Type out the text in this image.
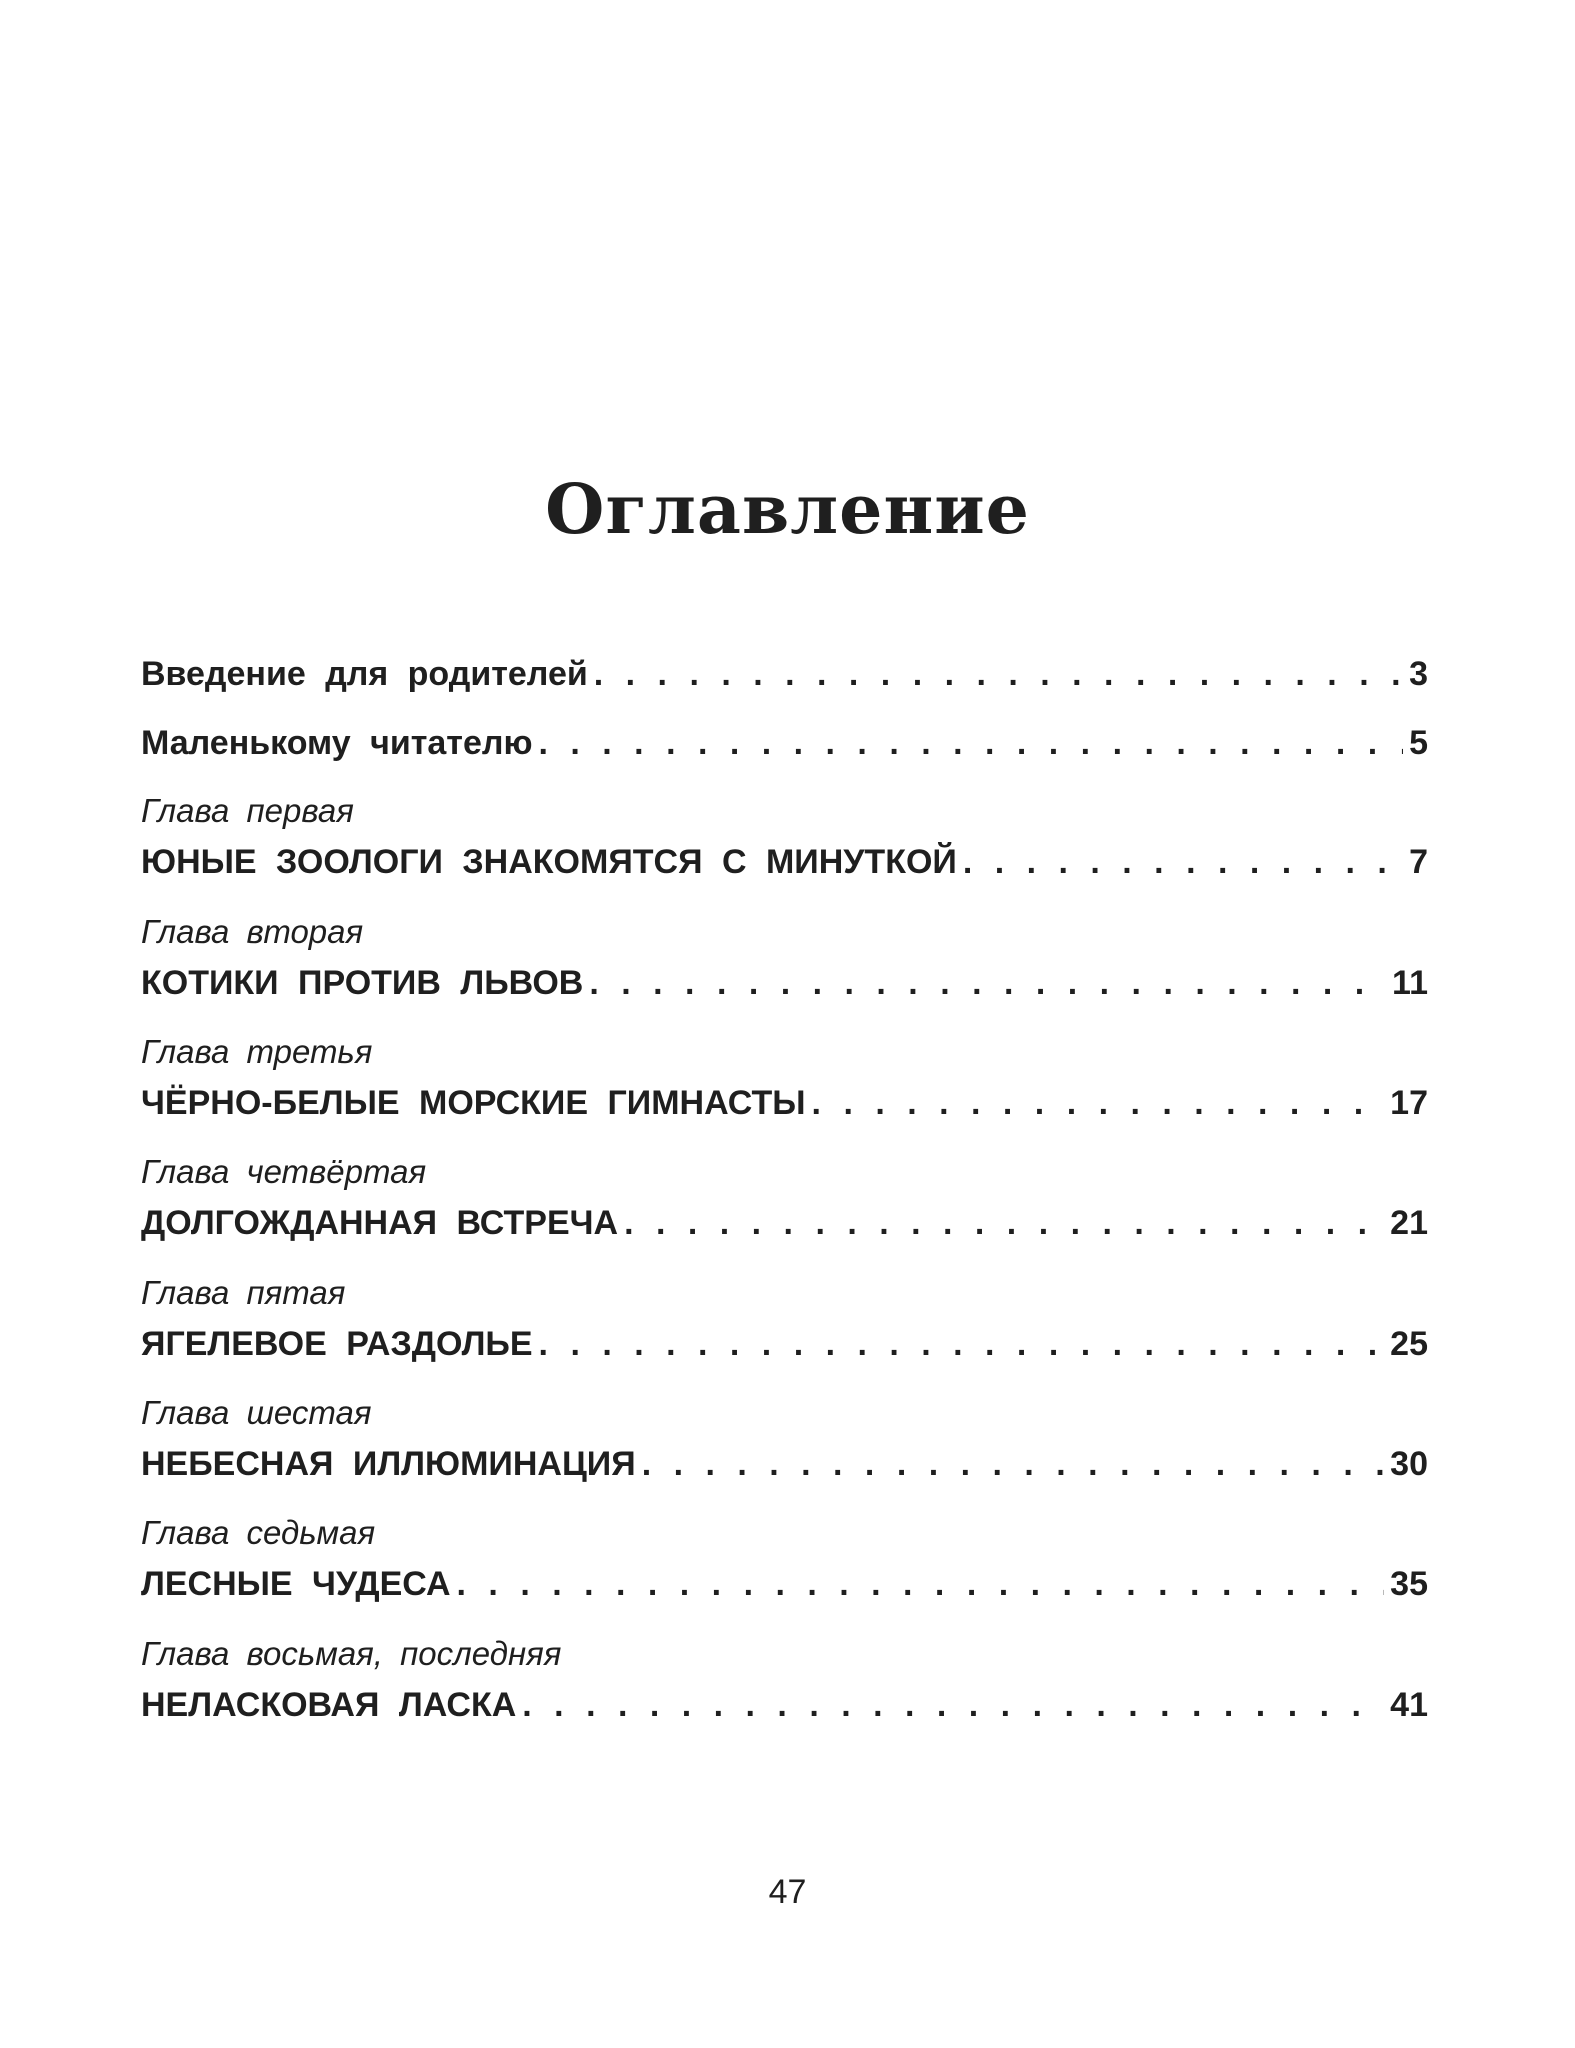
Оглавление
Введение для родителей . . .	3
Маленькому читателю . . .	5
Глава первая
ЮНЫЕ ЗООЛОГИ ЗНАКОМЯТСЯ С МИНУТКОЙ . . .	7
Глава вторая
КОТИКИ ПРОТИВ ЛЬВОВ . . .	11
Глава третья
ЧЁРНО-БЕЛЫЕ МОРСКИЕ ГИМНАСТЫ . . .	17
Глава четвёртая
ДОЛГОЖДАННАЯ ВСТРЕЧА . . .	21
Глава пятая
ЯГЕЛЕВОЕ РАЗДОЛЬЕ . . .	25
Глава шестая
НЕБЕСНАЯ ИЛЛЮМИНАЦИЯ . . .	30
Глава седьмая
ЛЕСНЫЕ ЧУДЕСА . . .	35
Глава восьмая, последняя
НЕЛАСКОВАЯ ЛАСКА . . .	41
47
